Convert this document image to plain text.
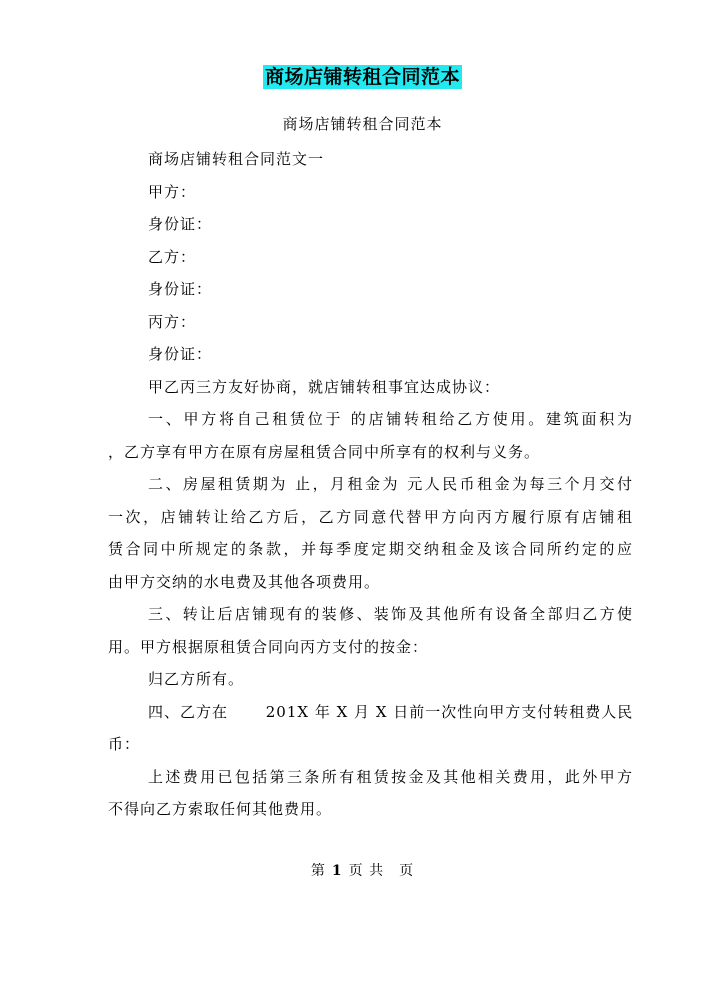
商场店铺转租合同范本
商场店铺转租合同范本
商场店铺转租合同范文一
甲方：
身份证：
乙方：
身份证：
丙方：
身份证：
甲乙丙三方友好协商，就店铺转租事宜达成协议：
一、甲方将自己租赁位于 的店铺转租给乙方使用。建筑面积为
，乙方享有甲方在原有房屋租赁合同中所享有的权利与义务。
二、房屋租赁期为 止，月租金为 元人民币租金为每三个月交付
一次，店铺转让给乙方后，乙方同意代替甲方向丙方履行原有店铺租
赁合同中所规定的条款，并每季度定期交纳租金及该合同所约定的应
由甲方交纳的水电费及其他各项费用。
三、转让后店铺现有的装修、装饰及其他所有设备全部归乙方使
用。甲方根据原租赁合同向丙方支付的按金：
归乙方所有。
四、乙方在　　 201X 年 X 月 X 日前一次性向甲方支付转租费人民
币：
上述费用已包括第三条所有租赁按金及其他相关费用，此外甲方
不得向乙方索取任何其他费用。
第 1 页 共　页
